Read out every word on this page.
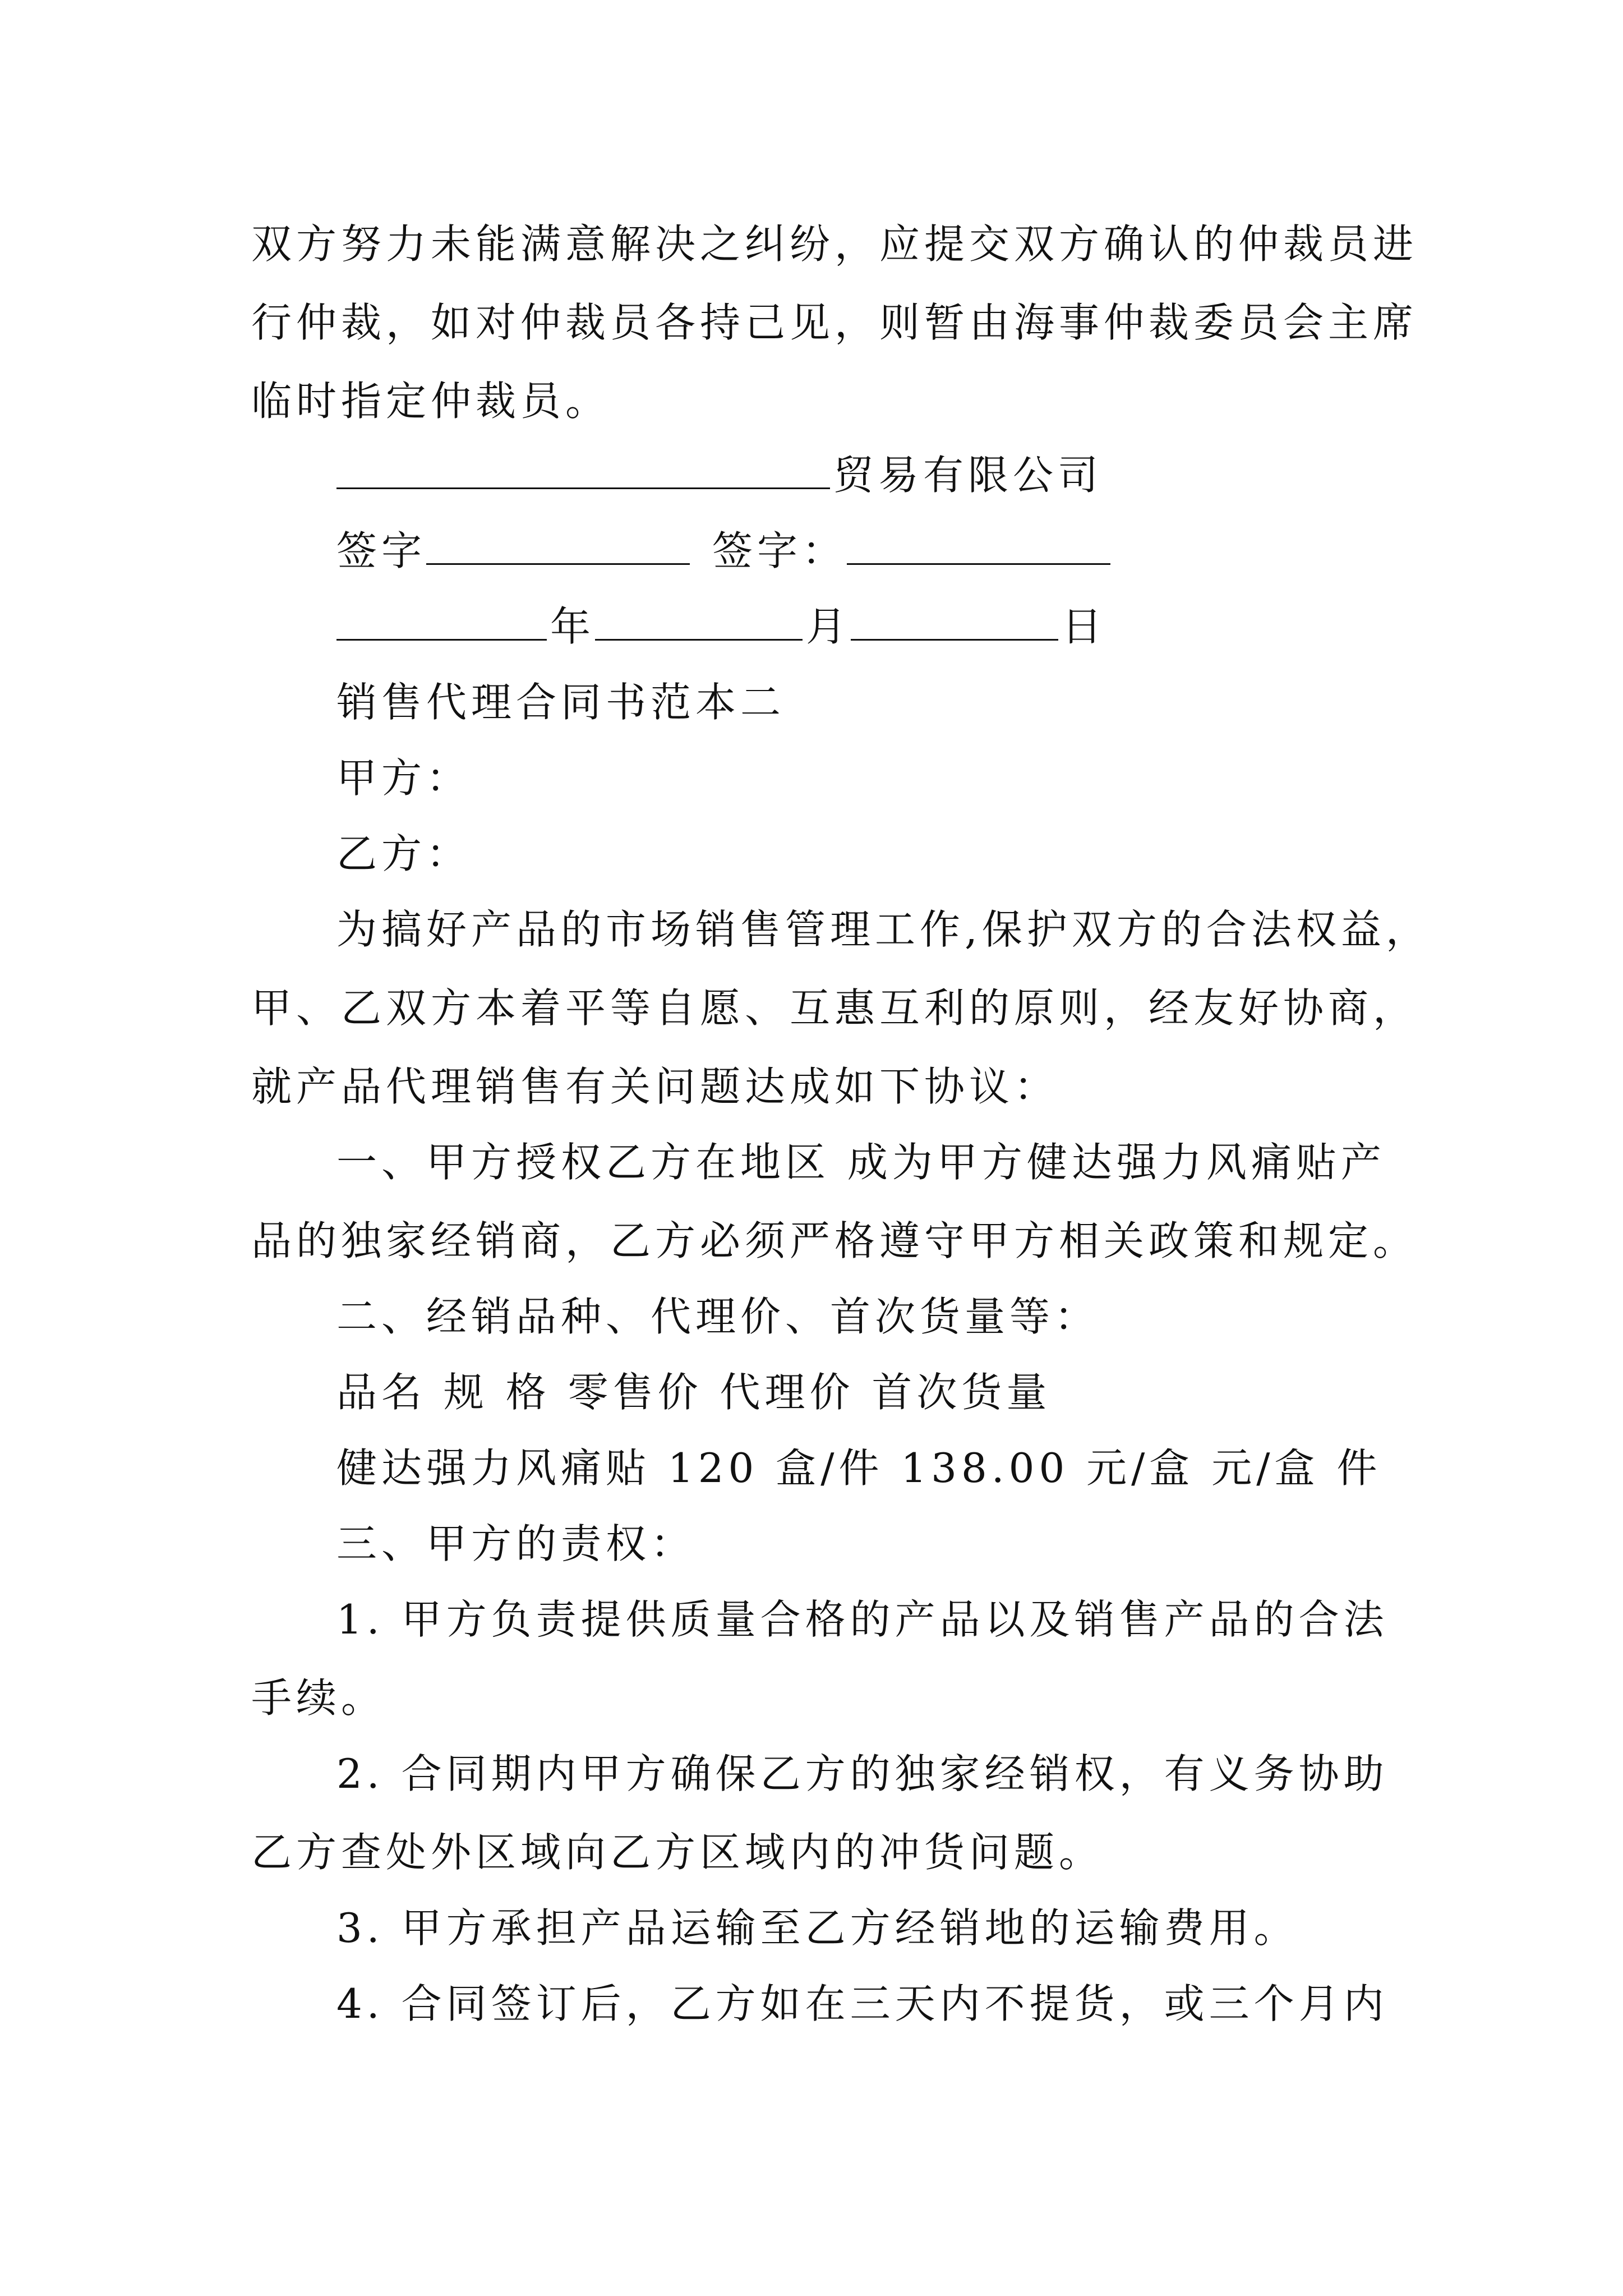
双方努力未能满意解决之纠纷，应提交双方确认的仲裁员进
行仲裁，如对仲裁员各持己见，则暂由海事仲裁委员会主席
临时指定仲裁员。
贸易有限公司
签字	签字：
年	月	日
销售代理合同书范本二
甲方：
乙方：
为搞好产品的市场销售管理工作,保护双方的合法权益，
甲、乙双方本着平等自愿、互惠互利的原则，经友好协商，
就产品代理销售有关问题达成如下协议：
一、甲方授权乙方在地区 成为甲方健达强力风痛贴产
品的独家经销商，乙方必须严格遵守甲方相关政策和规定。
二、经销品种、代理价、首次货量等：
品名 规 格 零售价 代理价 首次货量
健达强力风痛贴 120 盒/件 138.00 元/盒 元/盒 件
三、甲方的责权：
1. 甲方负责提供质量合格的产品以及销售产品的合法
手续。
2. 合同期内甲方确保乙方的独家经销权，有义务协助
乙方查处外区域向乙方区域内的冲货问题。
3. 甲方承担产品运输至乙方经销地的运输费用。
4. 合同签订后，乙方如在三天内不提货，或三个月内
